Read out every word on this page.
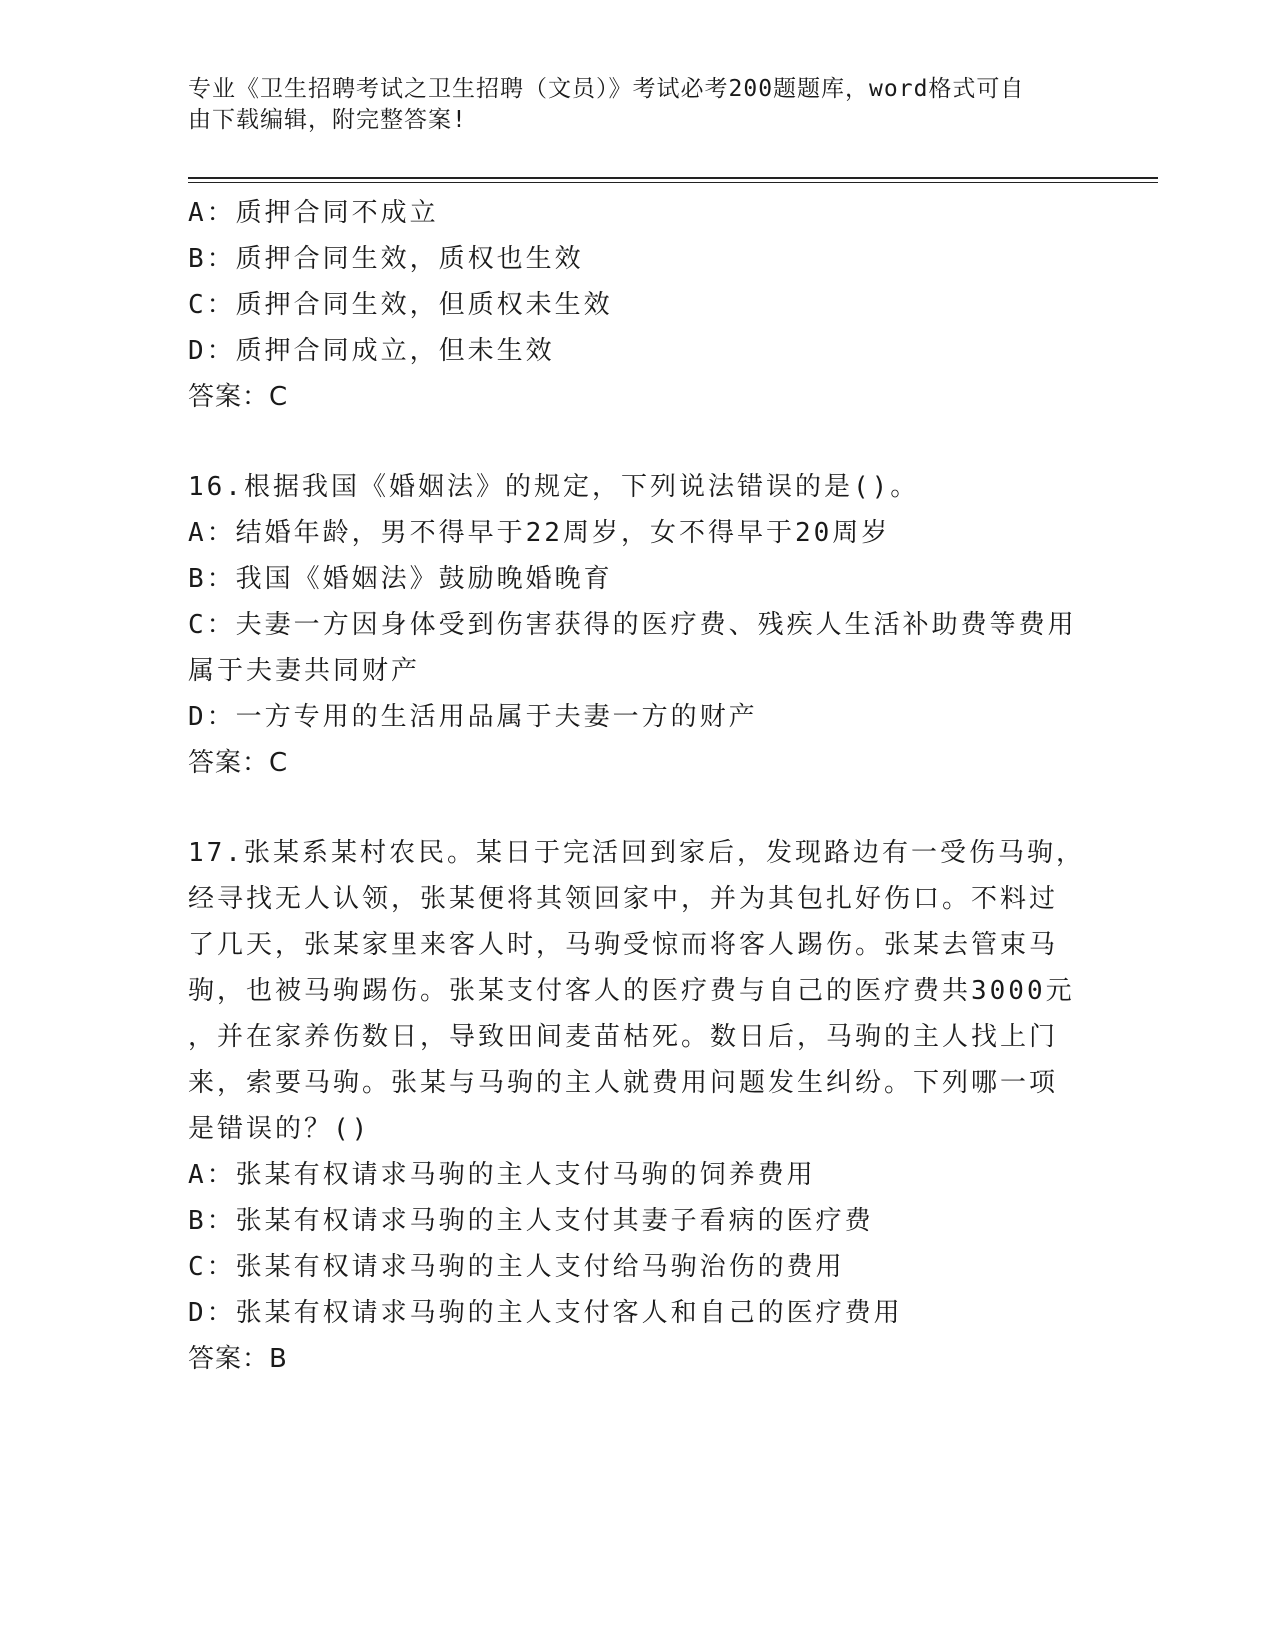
专业《卫生招聘考试之卫生招聘（文员）》考试必考200题题库，word格式可自
由下载编辑，附完整答案!
A：质押合同不成立
B：质押合同生效，质权也生效
C：质押合同生效，但质权未生效
D：质押合同成立，但未生效
答案：C
16.根据我国《婚姻法》的规定，下列说法错误的是()。
A：结婚年龄，男不得早于22周岁，女不得早于20周岁
B：我国《婚姻法》鼓励晚婚晚育
C：夫妻一方因身体受到伤害获得的医疗费、残疾人生活补助费等费用
属于夫妻共同财产
D：一方专用的生活用品属于夫妻一方的财产
答案：C
17.张某系某村农民。某日于完活回到家后，发现路边有一受伤马驹，
经寻找无人认领，张某便将其领回家中，并为其包扎好伤口。不料过
了几天，张某家里来客人时，马驹受惊而将客人踢伤。张某去管束马
驹，也被马驹踢伤。张某支付客人的医疗费与自己的医疗费共3000元
，并在家养伤数日，导致田间麦苗枯死。数日后，马驹的主人找上门
来，索要马驹。张某与马驹的主人就费用问题发生纠纷。下列哪一项
是错误的？()
A：张某有权请求马驹的主人支付马驹的饲养费用
B：张某有权请求马驹的主人支付其妻子看病的医疗费
C：张某有权请求马驹的主人支付给马驹治伤的费用
D：张某有权请求马驹的主人支付客人和自己的医疗费用
答案：B
